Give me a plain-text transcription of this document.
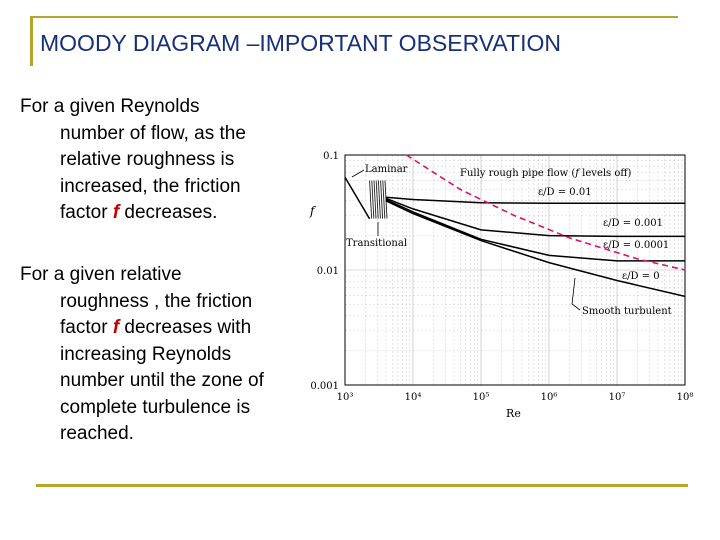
MOODY DIAGRAM –IMPORTANT OBSERVATION
For a given Reynolds
number of flow, as the
relative roughness is
increased, the friction
factor f decreases.
For a given relative
roughness , the friction
factor f decreases with
increasing Reynolds
number until the zone of
complete turbulence is
reached.
10³	10⁴	10⁵	10⁶	10⁷	10⁸
0.1
0.01
0.001
Re
f
Laminar
Transitional
Fully rough pipe flow (f levels off)
ε/D = 0.01
ε/D = 0.001
ε/D = 0.0001
ε/D = 0
Smooth turbulent
